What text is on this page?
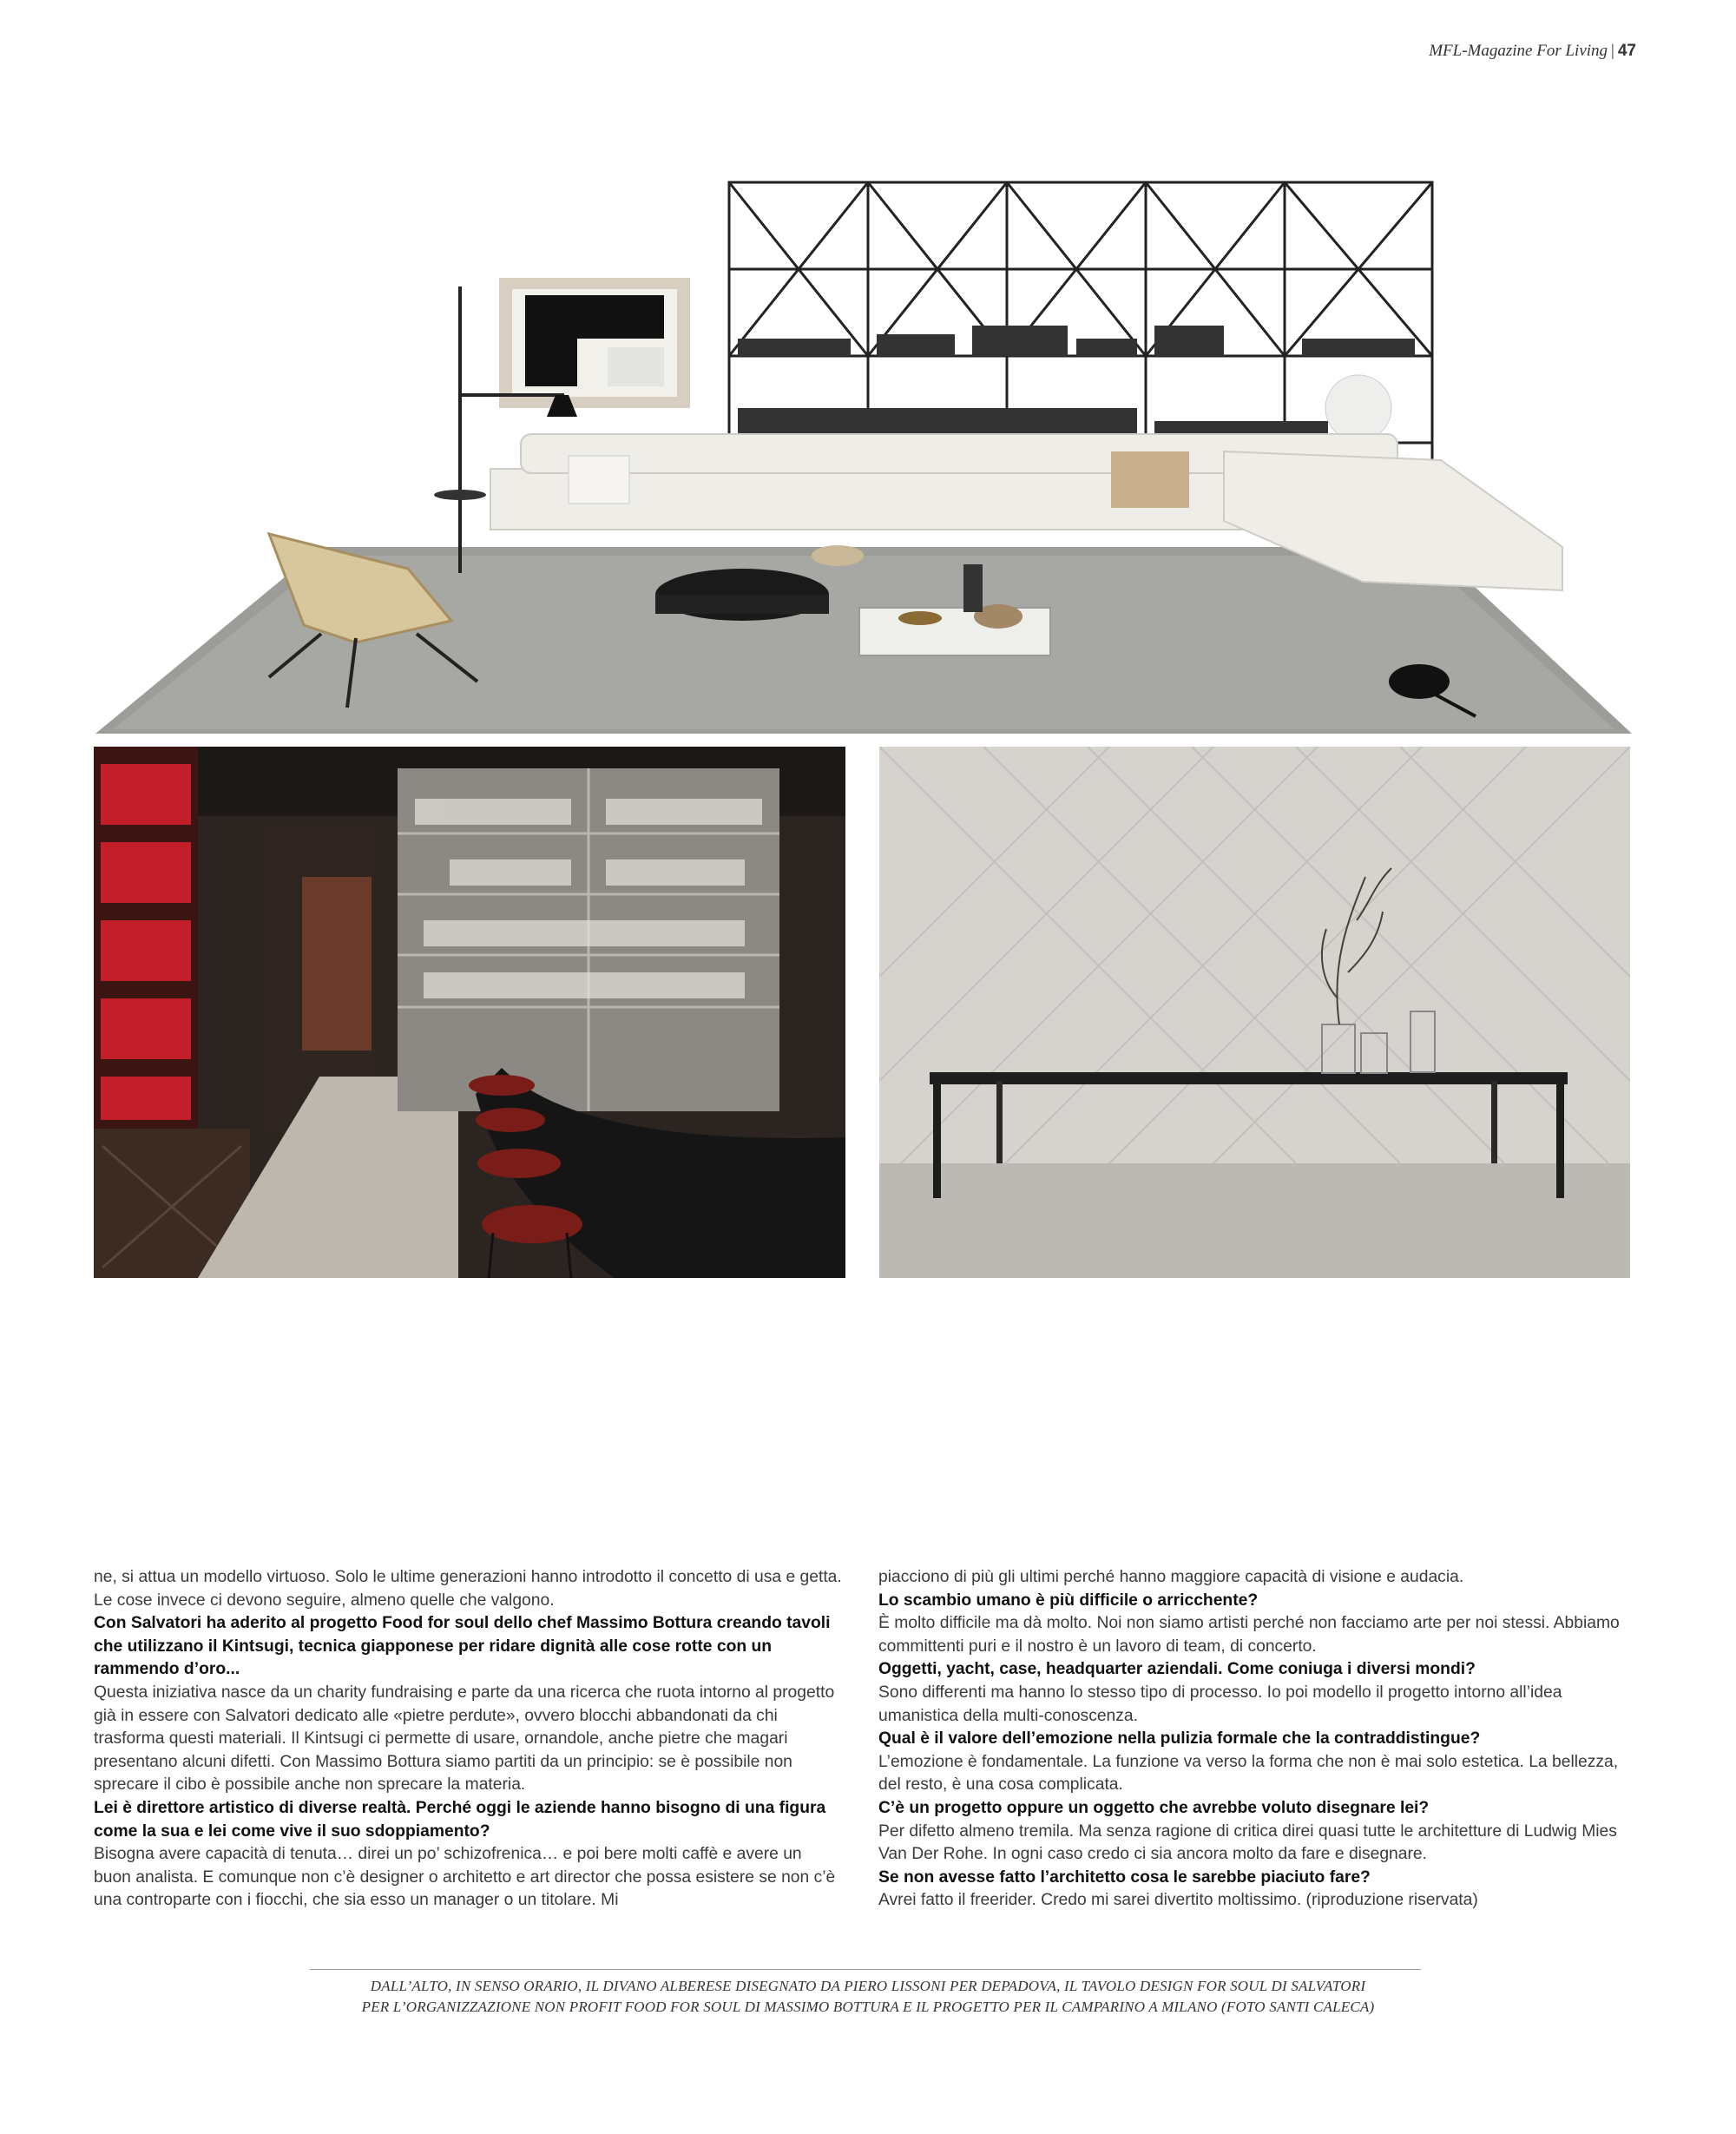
MFL-Magazine For Living | 47

ne, si attua un modello virtuoso. Solo le ultime generazioni hanno introdotto il concetto di usa e getta. Le cose invece ci devono seguire, almeno quelle che valgono.

Con Salvatori ha aderito al progetto Food for soul dello chef Massimo Bottura creando tavoli che utilizzano il Kintsugi, tecnica giapponese per ridare dignità alle cose rotte con un rammendo d’oro...

Questa iniziativa nasce da un charity fundraising e parte da una ricerca che ruota intorno al progetto già in essere con Salvatori dedicato alle «pietre perdute», ovvero blocchi abbandonati da chi trasforma questi materiali. Il Kintsugi ci permette di usare, ornandole, anche pietre che magari presentano alcuni difetti. Con Massimo Bottura siamo partiti da un principio: se è possibile non sprecare il cibo è possibile anche non sprecare la materia.

Lei è direttore artistico di diverse realtà. Perché oggi le aziende hanno bisogno di una figura come la sua e lei come vive il suo sdoppiamento?

Bisogna avere capacità di tenuta… direi un po’ schizofrenica… e poi bere molti caffè e avere un buon analista. E comunque non c’è designer o architetto e art director che possa esistere se non c’è una controparte con i fiocchi, che sia esso un manager o un titolare. Mi

piacciono di più gli ultimi perché hanno maggiore capacità di visione e audacia.

Lo scambio umano è più difficile o arricchente?

È molto difficile ma dà molto. Noi non siamo artisti perché non facciamo arte per noi stessi. Abbiamo committenti puri e il nostro è un lavoro di team, di concerto.

Oggetti, yacht, case, headquarter aziendali. Come coniuga i diversi mondi?

Sono differenti ma hanno lo stesso tipo di processo. Io poi modello il progetto intorno all’idea umanistica della multi-conoscenza.

Qual è il valore dell’emozione nella pulizia formale che la contraddistingue?

L’emozione è fondamentale. La funzione va verso la forma che non è mai solo estetica. La bellezza, del resto, è una cosa complicata.

C’è un progetto oppure un oggetto che avrebbe voluto disegnare lei?

Per difetto almeno tremila. Ma senza ragione di critica direi quasi tutte le architetture di Ludwig Mies Van Der Rohe. In ogni caso credo ci sia ancora molto da fare e disegnare.

Se non avesse fatto l’architetto cosa le sarebbe piaciuto fare?

Avrei fatto il freerider. Credo mi sarei divertito moltissimo. (riproduzione riservata)

DALL’ALTO, IN SENSO ORARIO, IL DIVANO ALBERESE DISEGNATO DA PIERO LISSONI PER DEPADOVA, IL TAVOLO DESIGN FOR SOUL DI SALVATORI
PER L’ORGANIZZAZIONE NON PROFIT FOOD FOR SOUL DI MASSIMO BOTTURA E IL PROGETTO PER IL CAMPARINO A MILANO (FOTO SANTI CALECA)
